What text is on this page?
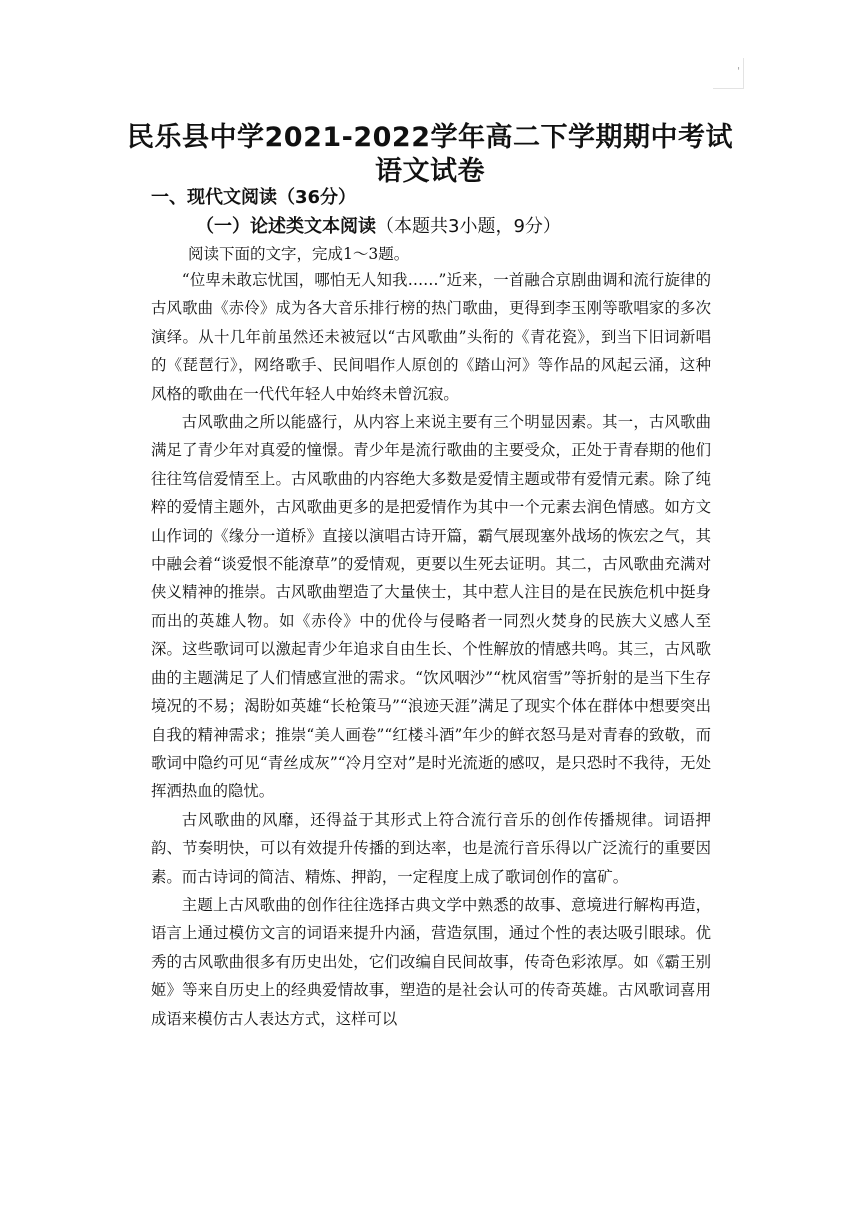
'
民乐县中学2021-2022学年高二下学期期中考试
语文试卷
一、现代文阅读（36分）
（一）论述类文本阅读（本题共3小题，9分）
阅读下面的文字，完成1～3题。

“位卑未敢忘忧国，哪怕无人知我……”近来，一首融合京剧曲调和流行旋律的古风歌曲《赤伶》成为各大音乐排行榜的热门歌曲，更得到李玉刚等歌唱家的多次演绎。从十几年前虽然还未被冠以“古风歌曲”头衔的《青花瓷》，到当下旧词新唱的《琵琶行》，网络歌手、民间唱作人原创的《踏山河》等作品的风起云涌，这种风格的歌曲在一代代年轻人中始终未曾沉寂。

古风歌曲之所以能盛行，从内容上来说主要有三个明显因素。其一，古风歌曲满足了青少年对真爱的憧憬。青少年是流行歌曲的主要受众，正处于青春期的他们往往笃信爱情至上。古风歌曲的内容绝大多数是爱情主题或带有爱情元素。除了纯粹的爱情主题外，古风歌曲更多的是把爱情作为其中一个元素去润色情感。如方文山作词的《缘分一道桥》直接以演唱古诗开篇，霸气展现塞外战场的恢宏之气，其中融会着“谈爱恨不能潦草”的爱情观，更要以生死去证明。其二，古风歌曲充满对侠义精神的推崇。古风歌曲塑造了大量侠士，其中惹人注目的是在民族危机中挺身而出的英雄人物。如《赤伶》中的优伶与侵略者一同烈火焚身的民族大义感人至深。这些歌词可以激起青少年追求自由生长、个性解放的情感共鸣。其三，古风歌曲的主题满足了人们情感宣泄的需求。“饮风咽沙”“枕风宿雪”等折射的是当下生存境况的不易；渴盼如英雄“长枪策马”“浪迹天涯”满足了现实个体在群体中想要突出自我的精神需求；推崇“美人画卷”“红楼斗酒”年少的鲜衣怒马是对青春的致敬，而歌词中隐约可见“青丝成灰”“冷月空对”是时光流逝的感叹，是只恐时不我待，无处挥洒热血的隐忧。

古风歌曲的风靡，还得益于其形式上符合流行音乐的创作传播规律。词语押韵、节奏明快，可以有效提升传播的到达率，也是流行音乐得以广泛流行的重要因素。而古诗词的简洁、精炼、押韵，一定程度上成了歌词创作的富矿。

主题上古风歌曲的创作往往选择古典文学中熟悉的故事、意境进行解构再造，语言上通过模仿文言的词语来提升内涵，营造氛围，通过个性的表达吸引眼球。优秀的古风歌曲很多有历史出处，它们改编自民间故事，传奇色彩浓厚。如《霸王别姬》等来自历史上的经典爱情故事，塑造的是社会认可的传奇英雄。古风歌词喜用成语来模仿古人表达方式，这样可以
